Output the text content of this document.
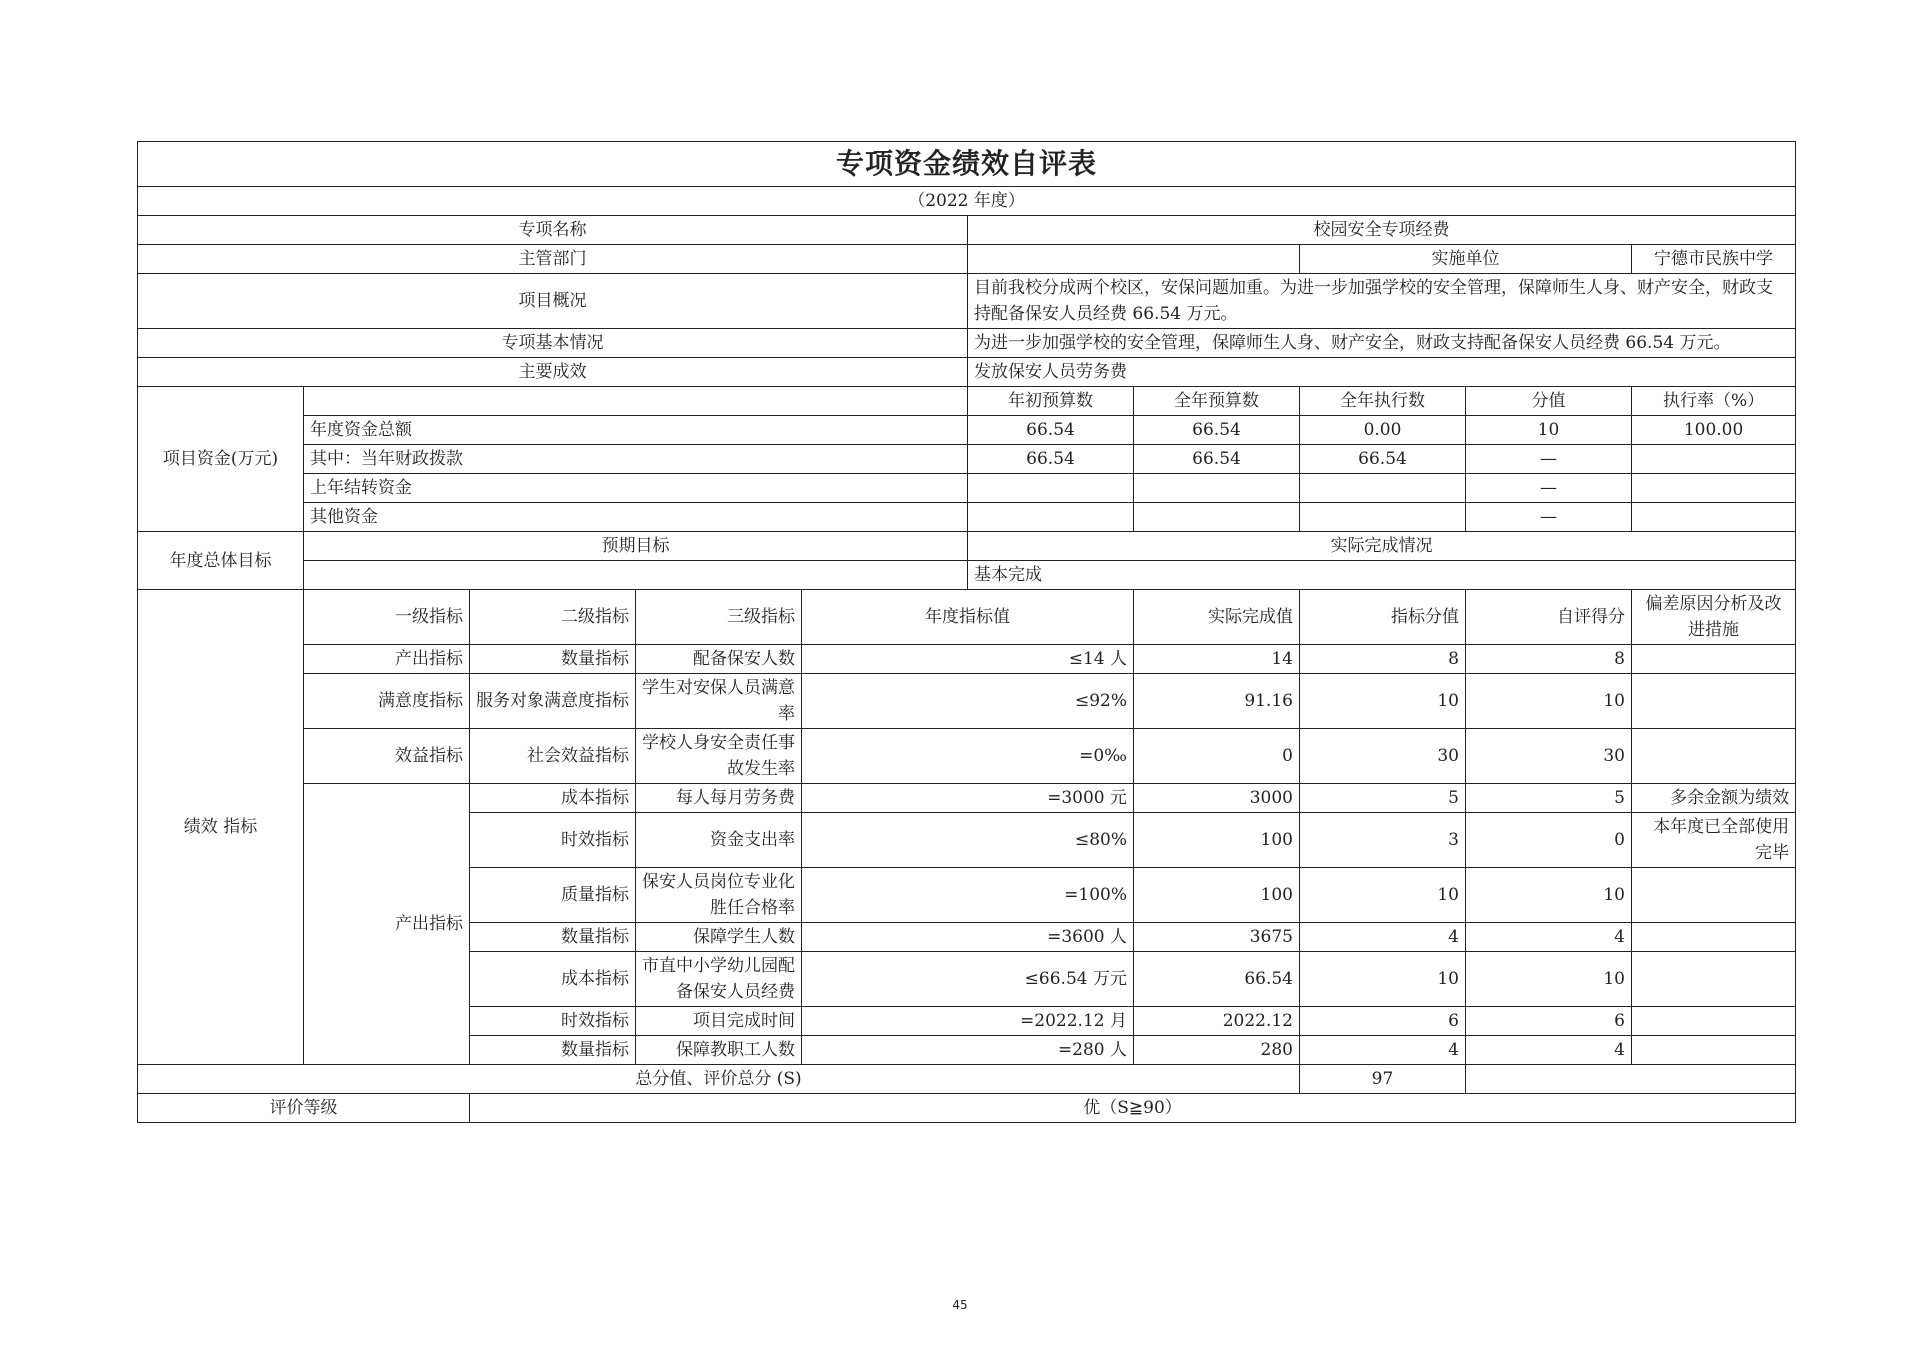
专项资金绩效自评表									
（2022 年度）									
专项名称					校园安全专项经费				
主管部门							实施单位		宁德市民族中学
项目概况					目前我校分成两个校区，安保问题加重。为进一步加强学校的安全管理，保障师生人身、财产安全，财政支持配备保安人员经费 66.54 万元。				
专项基本情况					为进一步加强学校的安全管理，保障师生人身、财产安全，财政支持配备保安人员经费 66.54 万元。				
主要成效					发放保安人员劳务费				
项目资金(万元)					年初预算数	全年预算数	全年执行数	分值	执行率（%）
	年度资金总额				66.54	66.54	0.00	10	100.00
	其中：当年财政拨款				66.54	66.54	66.54	—	
	上年结转资金							—	
	其他资金							—	
年度总体目标	预期目标				实际完成情况				
					基本完成				
绩效 指标	一级指标	二级指标	三级指标	年度指标值		实际完成值	指标分值	自评得分	偏差原因分析及改进措施
	产出指标	数量指标	配备保安人数	≤14 人		14	8	8	
	满意度指标	服务对象满意度指标	学生对安保人员满意率	≤92%		91.16	10	10	
	效益指标	社会效益指标	学校人身安全责任事故发生率	=0‰		0	30	30	
	产出指标	成本指标	每人每月劳务费	=3000 元		3000	5	5	多余金额为绩效
		时效指标	资金支出率	≤80%		100	3	0	本年度已全部使用完毕
		质量指标	保安人员岗位专业化胜任合格率	=100%		100	10	10	
		数量指标	保障学生人数	=3600 人		3675	4	4	
		成本指标	市直中小学幼儿园配备保安人员经费	≤66.54 万元		66.54	10	10	
		时效指标	项目完成时间	=2022.12 月		2022.12	6	6	
		数量指标	保障教职工人数	=280 人		280	4	4	
总分值、评价总分 (S)							97		
评价等级		优（S≧90）							
45
